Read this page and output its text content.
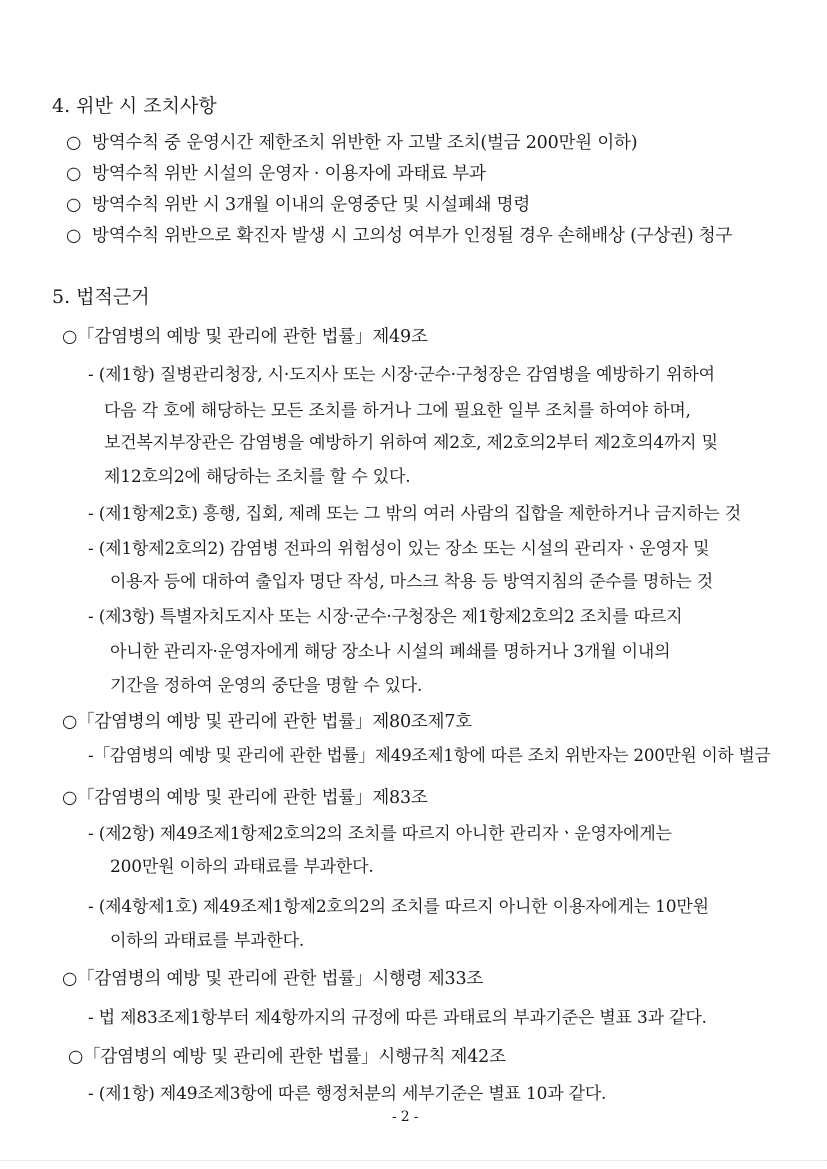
4. 위반 시 조치사항
○ 방역수칙 중 운영시간 제한조치 위반한 자 고발 조치(벌금 200만원 이하)
○ 방역수칙 위반 시설의 운영자 · 이용자에 과태료 부과
○ 방역수칙 위반 시 3개월 이내의 운영중단 및 시설폐쇄 명령
○ 방역수칙 위반으로 확진자 발생 시 고의성 여부가 인정될 경우 손해배상 (구상권) 청구
5. 법적근거
○「감염병의 예방 및 관리에 관한 법률」제49조
- (제1항) 질병관리청장, 시·도지사 또는 시장·군수·구청장은 감염병을 예방하기 위하여
다음 각 호에 해당하는 모든 조치를 하거나 그에 필요한 일부 조치를 하여야 하며,
보건복지부장관은 감염병을 예방하기 위하여 제2호, 제2호의2부터 제2호의4까지 및
제12호의2에 해당하는 조치를 할 수 있다.
- (제1항제2호) 흥행, 집회, 제례 또는 그 밖의 여러 사람의 집합을 제한하거나 금지하는 것
- (제1항제2호의2) 감염병 전파의 위험성이 있는 장소 또는 시설의 관리자ㆍ운영자 및
이용자 등에 대하여 출입자 명단 작성, 마스크 착용 등 방역지침의 준수를 명하는 것
- (제3항) 특별자치도지사 또는 시장·군수·구청장은 제1항제2호의2 조치를 따르지
아니한 관리자·운영자에게 해당 장소나 시설의 폐쇄를 명하거나 3개월 이내의
기간을 정하여 운영의 중단을 명할 수 있다.
○「감염병의 예방 및 관리에 관한 법률」제80조제7호
-「감염병의 예방 및 관리에 관한 법률」제49조제1항에 따른 조치 위반자는 200만원 이하 벌금
○「감염병의 예방 및 관리에 관한 법률」제83조
- (제2항) 제49조제1항제2호의2의 조치를 따르지 아니한 관리자ㆍ운영자에게는
200만원 이하의 과태료를 부과한다.
- (제4항제1호) 제49조제1항제2호의2의 조치를 따르지 아니한 이용자에게는 10만원
이하의 과태료를 부과한다.
○「감염병의 예방 및 관리에 관한 법률」시행령 제33조
- 법 제83조제1항부터 제4항까지의 규정에 따른 과태료의 부과기준은 별표 3과 같다.
○「감염병의 예방 및 관리에 관한 법률」시행규칙 제42조
- (제1항) 제49조제3항에 따른 행정처분의 세부기준은 별표 10과 같다.
- 2 -
